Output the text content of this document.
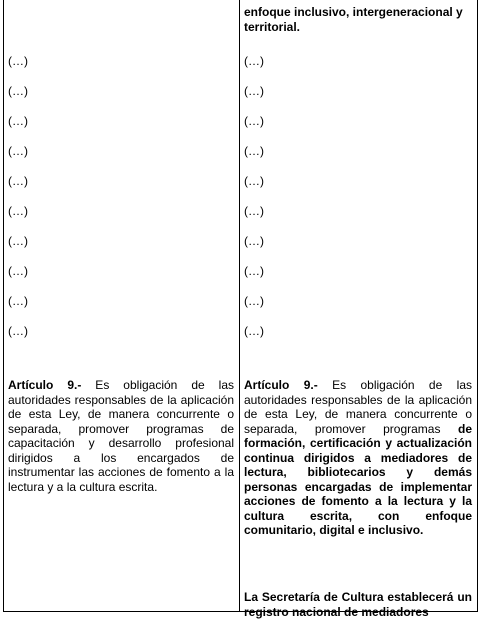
(…)
(…)
(…)
(…)
(…)
(…)
(…)
(…)
(…)
(…)
Artículo 9.- Es obligación de las autoridades responsables de la aplicación de esta Ley, de manera concurrente o separada, promover programas de capacitación y desarrollo profesional dirigidos a los encargados de instrumentar las acciones de fomento a la lectura y a la cultura escrita.
enfoque inclusivo, intergeneracional y territorial.
(…)
(…)
(…)
(…)
(…)
(…)
(…)
(…)
(…)
(…)
Artículo 9.- Es obligación de las autoridades responsables de la aplicación de esta Ley, de manera concurrente o separada, promover programas de formación, certificación y actualización continua dirigidos a mediadores de lectura, bibliotecarios y demás personas encargadas de implementar acciones de fomento a la lectura y la cultura escrita, con enfoque comunitario, digital e inclusivo.
La Secretaría de Cultura establecerá un registro nacional de mediadores
